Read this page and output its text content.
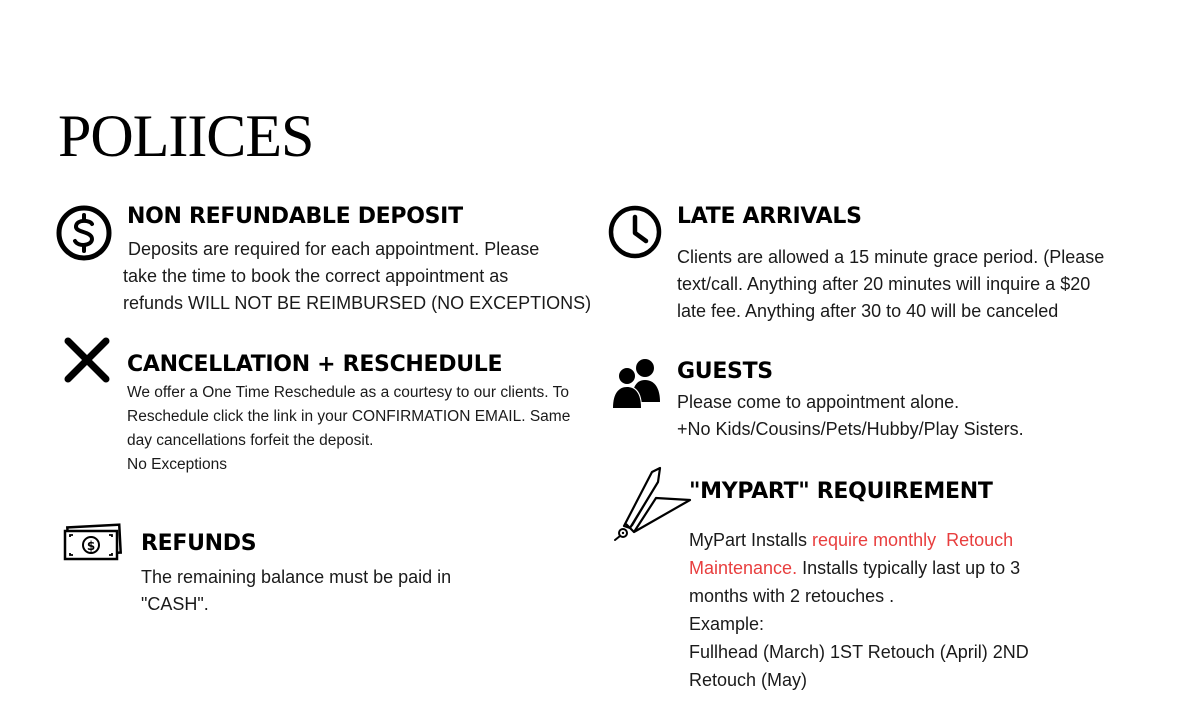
POLIICES
NON REFUNDABLE DEPOSIT
Deposits are required for each appointment. Please
take the time to book the correct appointment as
refunds WILL NOT BE REIMBURSED (NO EXCEPTIONS)
CANCELLATION + RESCHEDULE
We offer a One Time Reschedule as a courtesy to our clients. To
Reschedule click the link in your CONFIRMATION EMAIL. Same
day cancellations forfeit the deposit.
No Exceptions
$ REFUNDS
The remaining balance must be paid in
"CASH".
LATE ARRIVALS
Clients are allowed a 15 minute grace period. (Please
text/call. Anything after 20 minutes will inquire a $20
late fee. Anything after 30 to 40 will be canceled
GUESTS
Please come to appointment alone.
+No Kids/Cousins/Pets/Hubby/Play Sisters.
"MYPART" REQUIREMENT
MyPart Installs require monthly  Retouch
Maintenance. Installs typically last up to 3
months with 2 retouches .
Example:
Fullhead (March) 1ST Retouch (April) 2ND
Retouch (May)
